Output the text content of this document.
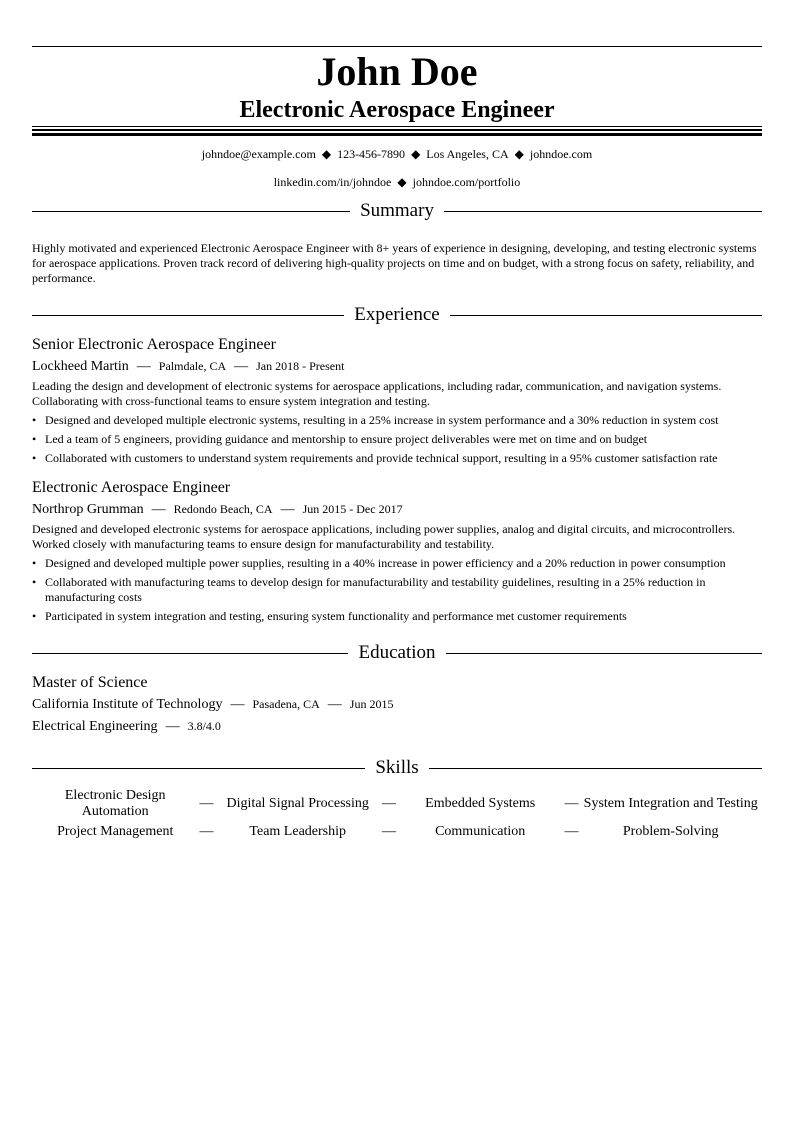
John Doe
Electronic Aerospace Engineer
johndoe@example.com ◆ 123-456-7890 ◆ Los Angeles, CA ◆ johndoe.com
linkedin.com/in/johndoe ◆ johndoe.com/portfolio
Summary
Highly motivated and experienced Electronic Aerospace Engineer with 8+ years of experience in designing, developing, and testing electronic systems for aerospace applications. Proven track record of delivering high-quality projects on time and on budget, with a strong focus on safety, reliability, and performance.
Experience
Senior Electronic Aerospace Engineer
Lockheed Martin — Palmdale, CA — Jan 2018 - Present
Leading the design and development of electronic systems for aerospace applications, including radar, communication, and navigation systems. Collaborating with cross-functional teams to ensure system integration and testing.
• Designed and developed multiple electronic systems, resulting in a 25% increase in system performance and a 30% reduction in system cost
• Led a team of 5 engineers, providing guidance and mentorship to ensure project deliverables were met on time and on budget
• Collaborated with customers to understand system requirements and provide technical support, resulting in a 95% customer satisfaction rate
Electronic Aerospace Engineer
Northrop Grumman — Redondo Beach, CA — Jun 2015 - Dec 2017
Designed and developed electronic systems for aerospace applications, including power supplies, analog and digital circuits, and microcontrollers. Worked closely with manufacturing teams to ensure design for manufacturability and testability.
• Designed and developed multiple power supplies, resulting in a 40% increase in power efficiency and a 20% reduction in power consumption
• Collaborated with manufacturing teams to develop design for manufacturability and testability guidelines, resulting in a 25% reduction in manufacturing costs
• Participated in system integration and testing, ensuring system functionality and performance met customer requirements
Education
Master of Science
California Institute of Technology — Pasadena, CA — Jun 2015
Electrical Engineering — 3.8/4.0
Skills
Electronic Design Automation	—	Digital Signal Processing	—	Embedded Systems	—	System Integration and Testing
Project Management	—	Team Leadership	—	Communication	—	Problem-Solving
